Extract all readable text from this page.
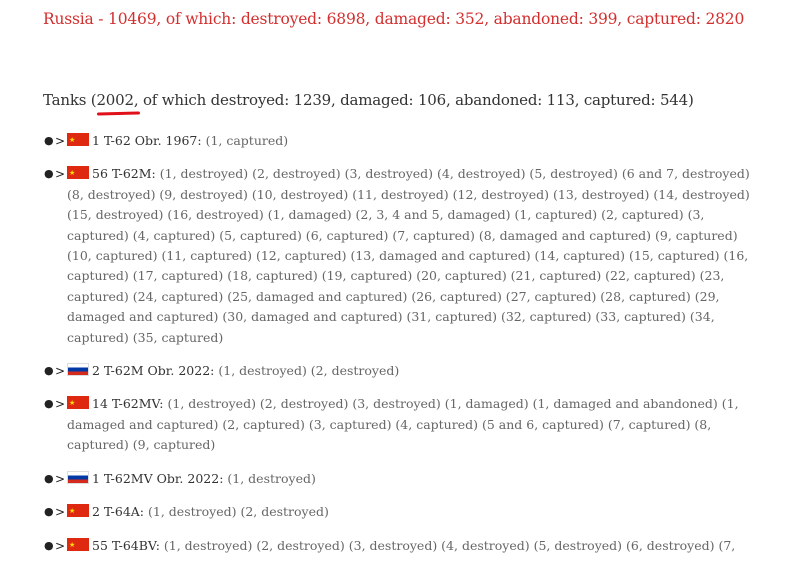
Russia - 10469, of which: destroyed: 6898, damaged: 352, abandoned: 399, captured: 2820
Tanks (2002,
of which destroyed: 1239, damaged: 106, abandoned: 113, captured: 544)
● > ★ 1 T-62 Obr. 1967: (1, captured)
● > ★ 56 T-62M: (1, destroyed) (2, destroyed) (3, destroyed) (4, destroyed) (5, destroyed) (6 and 7, destroyed) (8, destroyed) (9, destroyed) (10, destroyed) (11, destroyed) (12, destroyed) (13, destroyed) (14, destroyed) (15, destroyed) (16, destroyed) (1, damaged) (2, 3, 4 and 5, damaged) (1, captured) (2, captured) (3, captured) (4, captured) (5, captured) (6, captured) (7, captured) (8, damaged and captured) (9, captured) (10, captured) (11, captured) (12, captured) (13, damaged and captured) (14, captured) (15, captured) (16, captured) (17, captured) (18, captured) (19, captured) (20, captured) (21, captured) (22, captured) (23, captured) (24, captured) (25, damaged and captured) (26, captured) (27, captured) (28, captured) (29, damaged and captured) (30, damaged and captured) (31, captured) (32, captured) (33, captured) (34, captured) (35, captured)
● > 2 T-62M Obr. 2022: (1, destroyed) (2, destroyed)
● > ★ 14 T-62MV: (1, destroyed) (2, destroyed) (3, destroyed) (1, damaged) (1, damaged and abandoned) (1, damaged and captured) (2, captured) (3, captured) (4, captured) (5 and 6, captured) (7, captured) (8, captured) (9, captured)
● > 1 T-62MV Obr. 2022: (1, destroyed)
● > ★ 2 T-64A: (1, destroyed) (2, destroyed)
● > ★ 55 T-64BV: (1, destroyed) (2, destroyed) (3, destroyed) (4, destroyed) (5, destroyed) (6, destroyed) (7,
